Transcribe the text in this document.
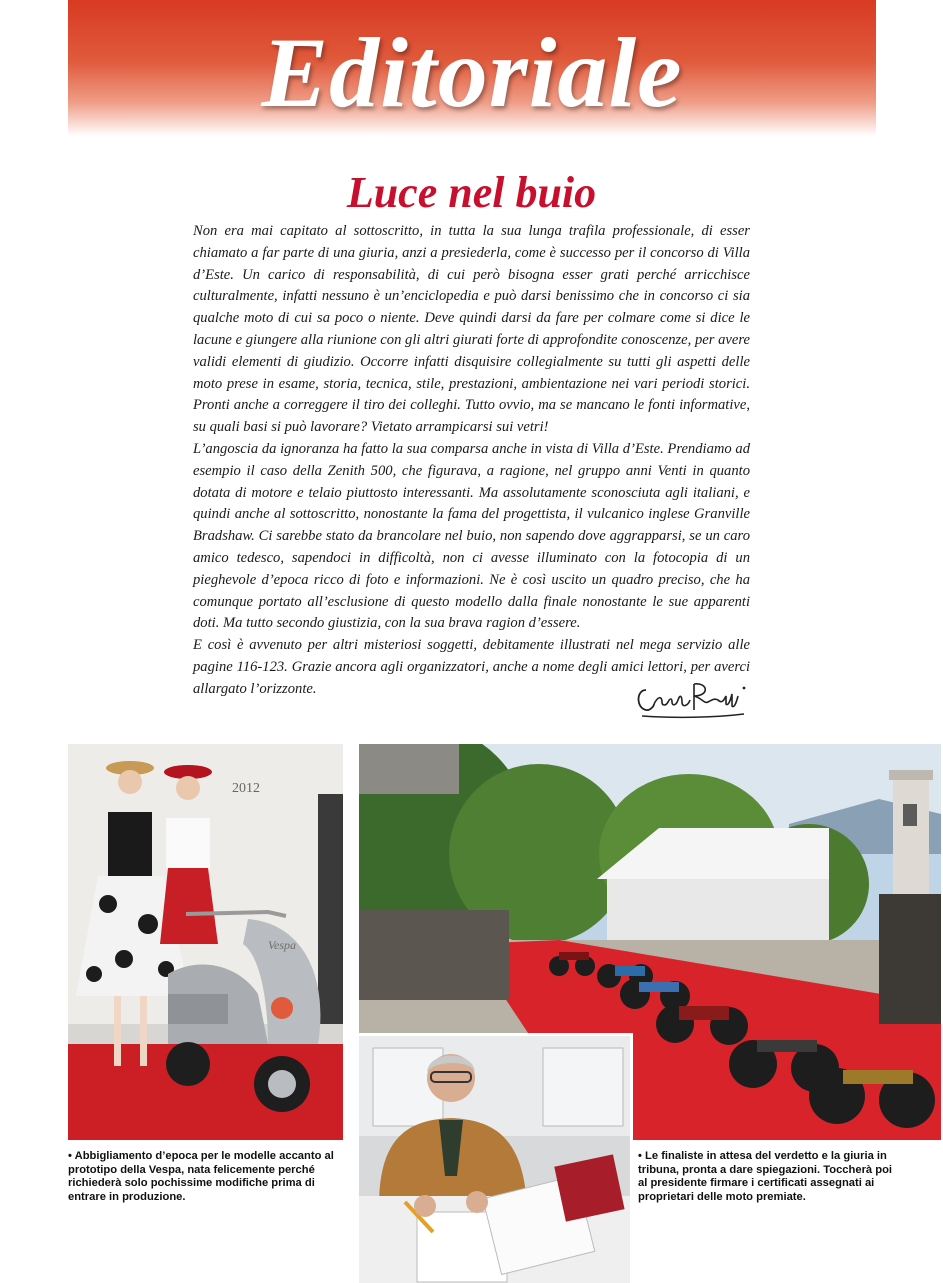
Editoriale
Luce nel buio

Non era mai capitato al sottoscritto, in tutta la sua lunga trafila professionale, di esser chiamato a far parte di una giuria, anzi a presiederla, come è successo per il concorso di Villa d’Este. Un carico di responsabilità, di cui però bisogna esser grati perché arricchisce culturalmente, infatti nessuno è un’enciclopedia e può darsi benissimo che in concorso ci sia qualche moto di cui sa poco o niente. Deve quindi darsi da fare per colmare come si dice le lacune e giungere alla riunione con gli altri giurati forte di approfondite conoscenze, per avere validi elementi di giudizio. Occorre infatti disquisire collegialmente su tutti gli aspetti delle moto prese in esame, storia, tecnica, stile, prestazioni, ambientazione nei vari periodi storici. Pronti anche a correggere il tiro dei colleghi. Tutto ovvio, ma se mancano le fonti informative, su quali basi si può lavorare? Vietato arrampicarsi sui vetri!

L’angoscia da ignoranza ha fatto la sua comparsa anche in vista di Villa d’Este. Prendiamo ad esempio il caso della Zenith 500, che figurava, a ragione, nel gruppo anni Venti in quanto dotata di motore e telaio piuttosto interessanti. Ma assolutamente sconosciuta agli italiani, e quindi anche al sottoscritto, nonostante la fama del progettista, il vulcanico inglese Granville Bradshaw. Ci sarebbe stato da brancolare nel buio, non sapendo dove aggrapparsi, se un caro amico tedesco, sapendoci in difficoltà, non ci avesse illuminato con la fotocopia di un pieghevole d’epoca ricco di foto e informazioni. Ne è così uscito un quadro preciso, che ha comunque portato all’esclusione di questo modello dalla finale nonostante le sue apparenti doti. Ma tutto secondo giustizia, con la sua brava ragion d’essere.

E così è avvenuto per altri misteriosi soggetti, debitamente illustrati nel mega servizio alle pagine 116-123. Grazie ancora agli organizzatori, anche a nome degli amici lettori, per averci allargato l’orizzonte.

2012
Vespa
• Abbigliamento d’epoca per le modelle accanto al prototipo della Vespa, nata felicemente perché richiederà solo pochissime modifiche prima di entrare in produzione.
• Le finaliste in attesa del verdetto e la giuria in tribuna, pronta a dare spiegazioni. Toccherà poi al presidente firmare i certificati assegnati ai proprietari delle moto premiate.
